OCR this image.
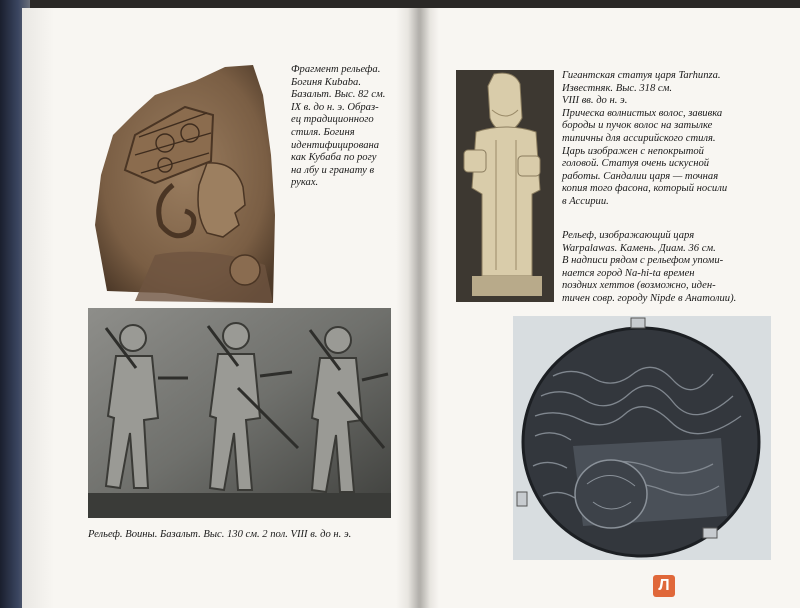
Фрагмент рельефа.

Богиня Kubaba.

Базальт. Выс. 82 см.

IX в. до н. э. Образ-

ец традиционного

стиля. Богиня

идентифицирована

как Кубаба по рогу

на лбу и гранату в

руках.

Рельеф. Воины. Базальт. Выс. 130 см. 2 пол. VIII в. до н. э.

Гигантская статуя царя Tarhunza.

Известняк. Выс. 318 см.

VIII вв. до н. э.

Прическа волнистых волос, завивка

бороды и пучок волос на затылке

типичны для ассирийского стиля.

Царь изображен с непокрытой

головой. Статуя очень искусной

работы. Сандалии царя — точная

копия того фасона, который носили

в Ассирии.

Рельеф, изображающий царя

Warpalawas. Камень. Диам. 36 см.

В надписи рядом с рельефом упоми-

нается город Na-hi-ta времен

поздних хеттов (возможно, иден-

тичен совр. городу Nipde в Анатолии).

Л
